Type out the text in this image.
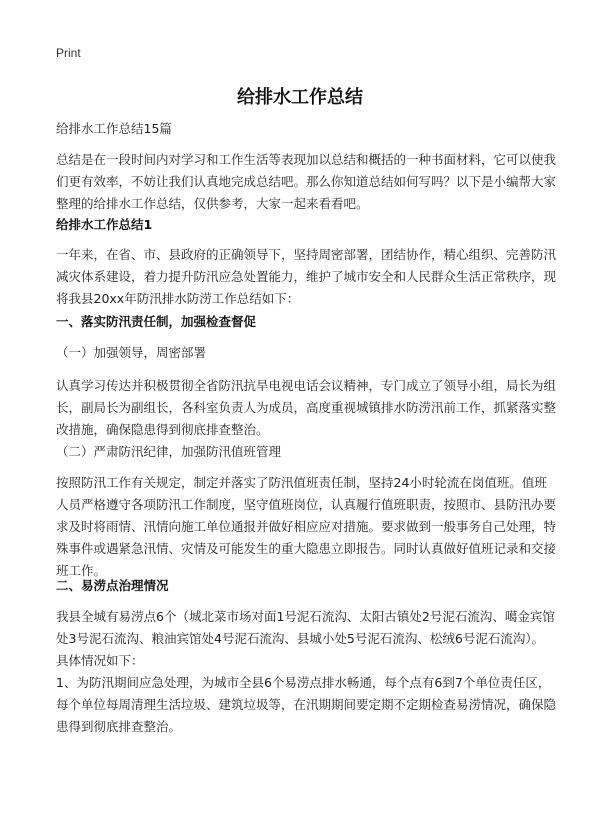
Print
给排水工作总结

给排水工作总结15篇

总结是在一段时间内对学习和工作生活等表现加以总结和概括的一种书面材料，它可以使我们更有效率，不妨让我们认真地完成总结吧。那么你知道总结如何写吗？以下是小编帮大家整理的给排水工作总结，仅供参考，大家一起来看看吧。

给排水工作总结1

一年来，在省、市、县政府的正确领导下，坚持周密部署，团结协作，精心组织、完善防汛减灾体系建设，着力提升防汛应急处置能力，维护了城市安全和人民群众生活正常秩序，现将我县20xx年防汛排水防涝工作总结如下：

一、落实防汛责任制，加强检查督促

（一）加强领导，周密部署

认真学习传达并积极贯彻全省防汛抗旱电视电话会议精神，专门成立了领导小组，局长为组长，副局长为副组长，各科室负责人为成员，高度重视城镇排水防涝汛前工作，抓紧落实整改措施，确保隐患得到彻底排查整治。

（二）严肃防汛纪律，加强防汛值班管理

按照防汛工作有关规定，制定并落实了防汛值班责任制，坚持24小时轮流在岗值班。值班人员严格遵守各项防汛工作制度，坚守值班岗位，认真履行值班职责，按照市、县防汛办要求及时将雨情、汛情向施工单位通报并做好相应应对措施。要求做到一般事务自己处理，特殊事件或遇紧急汛情、灾情及可能发生的重大隐患立即报告。同时认真做好值班记录和交接班工作。

二、易涝点治理情况

我县全城有易涝点6个（城北菜市场对面1号泥石流沟、太阳古镇处2号泥石流沟、噶金宾馆处3号泥石流沟、粮油宾馆处4号泥石流沟、县城小处5号泥石流沟、松绒6号泥石流沟）。具体情况如下：

1、为防汛期间应急处理，为城市全县6个易涝点排水畅通，每个点有6到7个单位责任区，每个单位每周清理生活垃圾、建筑垃圾等，在汛期期间要定期不定期检查易涝情况，确保隐患得到彻底排查整治。
